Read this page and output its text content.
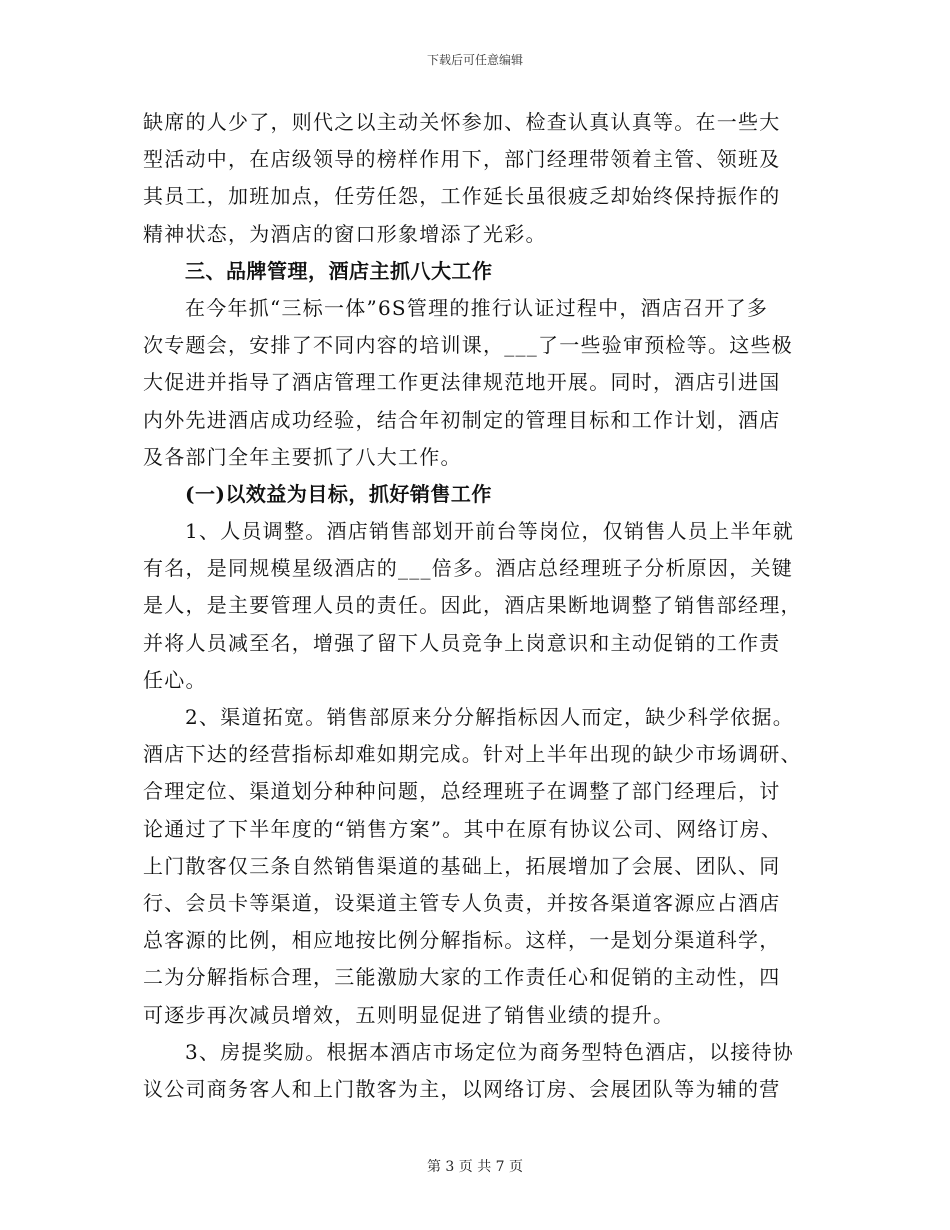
下载后可任意编辑
缺席的人少了，则代之以主动关怀参加、检查认真认真等。在一些大
型活动中，在店级领导的榜样作用下，部门经理带领着主管、领班及
其员工，加班加点，任劳任怨，工作延长虽很疲乏却始终保持振作的
精神状态，为酒店的窗口形象增添了光彩。
三、品牌管理，酒店主抓八大工作
在今年抓“三标一体”6S管理的推行认证过程中，酒店召开了多
次专题会，安排了不同内容的培训课，___了一些验审预检等。这些极
大促进并指导了酒店管理工作更法律规范地开展。同时，酒店引进国
内外先进酒店成功经验，结合年初制定的管理目标和工作计划，酒店
及各部门全年主要抓了八大工作。
(一)以效益为目标，抓好销售工作
1、人员调整。酒店销售部划开前台等岗位，仅销售人员上半年就
有名，是同规模星级酒店的___倍多。酒店总经理班子分析原因，关键
是人，是主要管理人员的责任。因此，酒店果断地调整了销售部经理，
并将人员减至名，增强了留下人员竞争上岗意识和主动促销的工作责
任心。
2、渠道拓宽。销售部原来分分解指标因人而定，缺少科学依据。
酒店下达的经营指标却难如期完成。针对上半年出现的缺少市场调研、
合理定位、渠道划分种种问题，总经理班子在调整了部门经理后，讨
论通过了下半年度的“销售方案”。其中在原有协议公司、网络订房、
上门散客仅三条自然销售渠道的基础上，拓展增加了会展、团队、同
行、会员卡等渠道，设渠道主管专人负责，并按各渠道客源应占酒店
总客源的比例，相应地按比例分解指标。这样，一是划分渠道科学，
二为分解指标合理，三能激励大家的工作责任心和促销的主动性，四
可逐步再次减员增效，五则明显促进了销售业绩的提升。
3、房提奖励。根据本酒店市场定位为商务型特色酒店，以接待协
议公司商务客人和上门散客为主，以网络订房、会展团队等为辅的营
第 3 页 共 7 页
